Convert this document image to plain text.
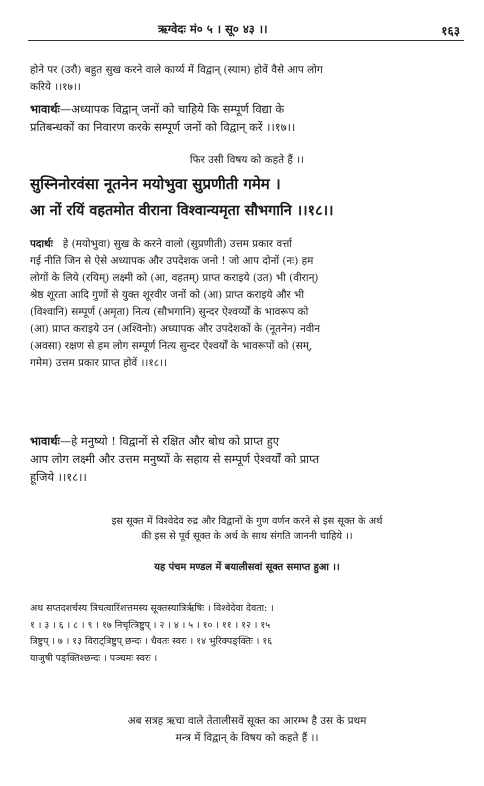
ऋग्वेदः मं० ५ । सू० ४३ ।।	१६३

होने पर (उरौ) बहुत सुख करने वाले कार्य्य में विद्वान् (स्याम) होवें वैसे आप लोग

करिये ।।१७।।

भावार्थः—अध्यापक विद्वान् जनों को चाहिये कि सम्पूर्ण विद्या के

प्रतिबन्धकों का निवारण करके सम्पूर्ण जनों को विद्वान् करें ।।१७।।

फिर उसी विषय को कहते हैं ।।
सुस्निनोरवंसा नूतनेन मयोभुवा सुप्रणीती गमेम ।
आ नों रयिं वहतमोत वीराना विश्वान्यमृता सौभगानि ।।१८।।

पदार्थः हे (मयोभुवा) सुख के करने वालो (सुप्रणीती) उत्तम प्रकार वर्त्ता

गई नीति जिन से ऐसे अध्यापक और उपदेशक जनो ! जो आप दोनों (नः) हम

लोगों के लिये (रयिम्) लक्ष्मी को (आ, वहतम्) प्राप्त कराइये (उत) भी (वीरान्)

श्रेष्ठ शूरता आदि गुणों से युक्त शूरवीर जनों को (आ) प्राप्त कराइये और भी

(विश्वानि) सम्पूर्ण (अमृता) नित्य (सौभगानि) सुन्दर ऐश्वर्य्यों के भावरूप को

(आ) प्राप्त कराइये उन (अश्विनोः) अध्यापक और उपदेशकों के (नूतनेन) नवीन

(अवसा) रक्षण से हम लोग सम्पूर्ण नित्य सुन्दर ऐश्वर्यों के भावरूपों को (सम्,

गमेम) उत्तम प्रकार प्राप्त होवें ।।१८।।

भावार्थः—हे मनुष्यो ! विद्वानों से रक्षित और बोध को प्राप्त हुए

आप लोग लक्ष्मी और उत्तम मनुष्यों के सहाय से सम्पूर्ण ऐश्वर्यों को प्राप्त

हूजिये ।।१८।।

इस सूक्त में विश्वेदेव रुद्र और विद्वानों के गुण वर्णन करने से इस सूक्त के अर्थ

की इस से पूर्व सूक्त के अर्थ के साथ संगति जाननी चाहिये ।।

यह पंचम मण्डल में बयालीसवां सूक्त समाप्त हुआ ।।

अथ सप्तदशर्चस्य त्रिचत्वारिंशत्तमस्य सूक्तस्यात्रिर्ऋषिः । विश्वेदेवा देवता: ।

१ । ३ । ६ । ८ । ९ । १७ निचृत्त्रिष्टुप् । २ । ४ । ५ । १० । ११ । १२ । १५

त्रिष्टुप् । ७ । १३ विराट्त्रिष्टुप् छन्दः । धैवतः स्वरः । १४ भुरिक्पङ्क्तिः । १६

याजुषी पङ्क्तिश्छन्दः । पञ्चमः स्वरः ।

अब सत्रह ऋचा वाले तेतालीसवें सूक्त का आरम्भ है उस के प्रथम

मन्त्र में विद्वान् के विषय को कहते हैं ।।
